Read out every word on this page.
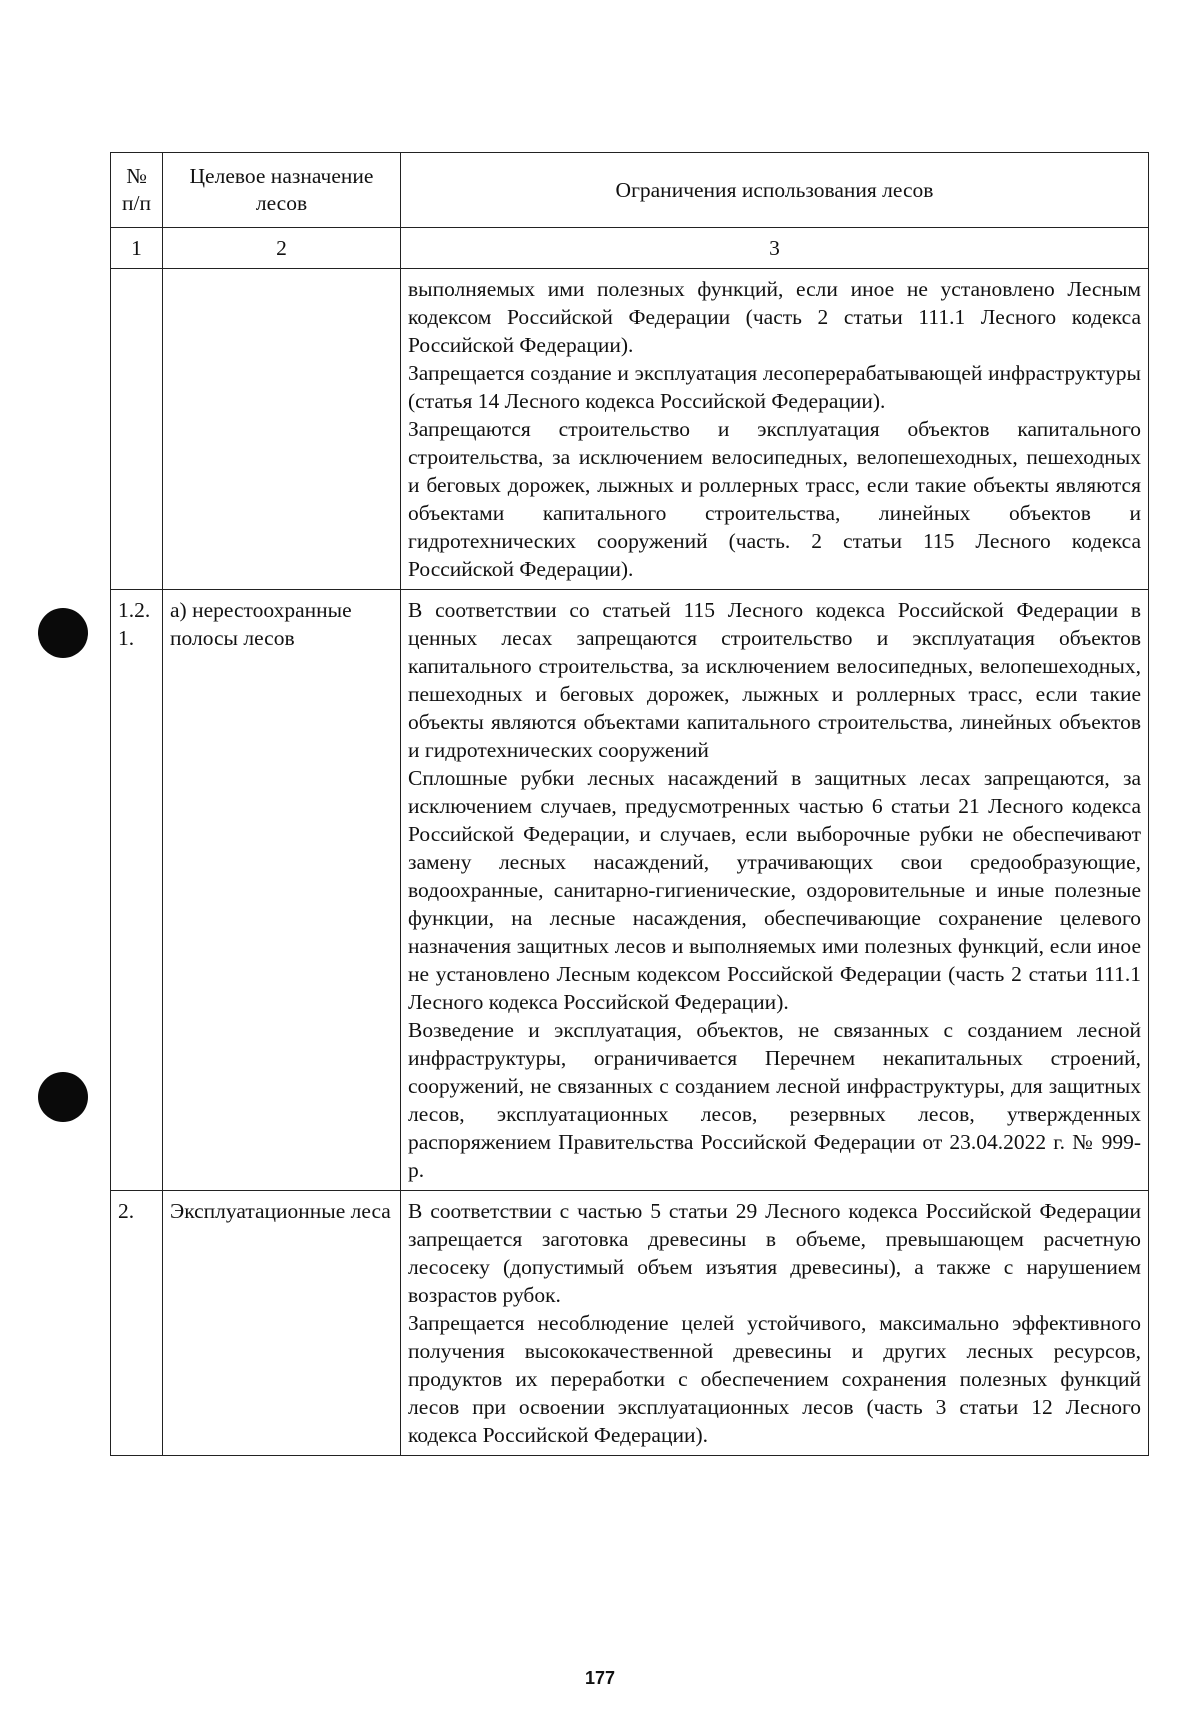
№ п/п	Целевое назначение лесов	Ограничения использования лесов
1	2	3

		выполняемых ими полезных функций, если иное не установлено Лесным кодексом Российской Федерации (часть 2 статьи 111.1 Лесного кодекса Российской Федерации).
Запрещается создание и эксплуатация лесоперерабатывающей инфраструктуры (статья 14 Лесного кодекса Российской Федерации).
Запрещаются строительство и эксплуатация объектов капитального строительства, за исключением велосипедных, велопешеходных, пешеходных и беговых дорожек, лыжных и роллерных трасс, если такие объекты являются объектами капитального строительства, линейных объектов и гидротехнических сооружений (часть. 2 статьи 115 Лесного кодекса Российской Федерации).

1.2. 1.	а) нерестоохранные полосы лесов	В соответствии со статьей 115 Лесного кодекса Российской Федерации в ценных лесах запрещаются строительство и эксплуатация объектов капитального строительства, за исключением велосипедных, велопешеходных, пешеходных и беговых дорожек, лыжных и роллерных трасс, если такие объекты являются объектами капитального строительства, линейных объектов и гидротехнических сооружений
Сплошные рубки лесных насаждений в защитных лесах запрещаются, за исключением случаев, предусмотренных частью 6 статьи 21 Лесного кодекса Российской Федерации, и случаев, если выборочные рубки не обеспечивают замену лесных насаждений, утрачивающих свои средообразующие, водоохранные, санитарно-гигиенические, оздоровительные и иные полезные функции, на лесные насаждения, обеспечивающие сохранение целевого назначения защитных лесов и выполняемых ими полезных функций, если иное не установлено Лесным кодексом Российской Федерации (часть 2 статьи 111.1 Лесного кодекса Российской Федерации).
Возведение и эксплуатация, объектов, не связанных с созданием лесной инфраструктуры, ограничивается Перечнем некапитальных строений, сооружений, не связанных с созданием лесной инфраструктуры, для защитных лесов, эксплуатационных лесов, резервных лесов, утвержденных распоряжением Правительства Российской Федерации от 23.04.2022 г. № 999-р.

2.	Эксплуатационные леса	В соответствии с частью 5 статьи 29 Лесного кодекса Российской Федерации запрещается заготовка древесины в объеме, превышающем расчетную лесосеку (допустимый объем изъятия древесины), а также с нарушением возрастов рубок.
Запрещается несоблюдение целей устойчивого, максимально эффективного получения высококачественной древесины и других лесных ресурсов, продуктов их переработки с обеспечением сохранения полезных функций лесов при освоении эксплуатационных лесов (часть 3 статьи 12 Лесного кодекса Российской Федерации).
177
